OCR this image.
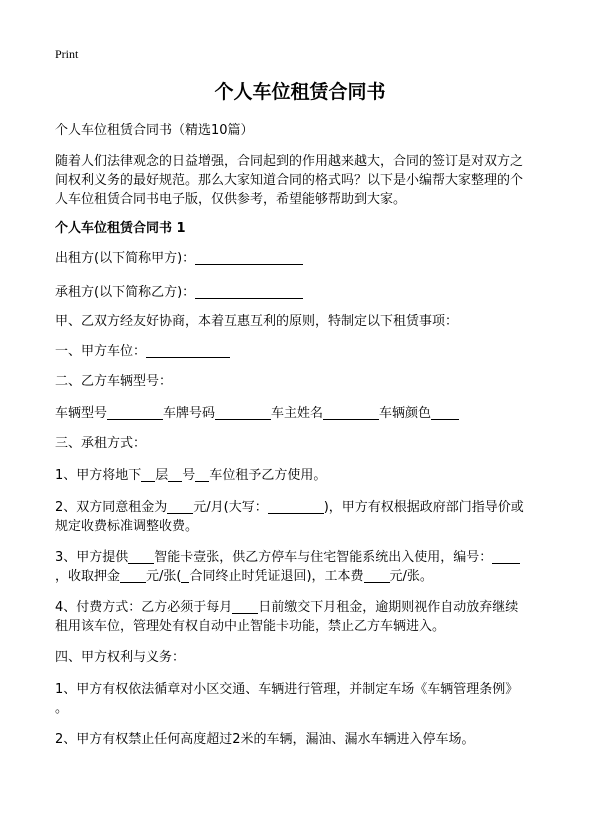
Print
个人车位租赁合同书

个人车位租赁合同书（精选10篇）

随着人们法律观念的日益增强，合同起到的作用越来越大，合同的签订是对双方之

间权利义务的最好规范。那么大家知道合同的格式吗？以下是小编帮大家整理的个

人车位租赁合同书电子版，仅供参考，希望能够帮助到大家。

个人车位租赁合同书 1

出租方(以下简称甲方)：

承租方(以下简称乙方)：

甲、乙双方经友好协商，本着互惠互利的原则，特制定以下租赁事项：

一、甲方车位：

二、乙方车辆型号：

车辆型号	车牌号码	车主姓名	车辆颜色

三、承租方式：

1、甲方将地下 层 号 车位租予乙方使用。

2、双方同意租金为 元/月(大写：	)，甲方有权根据政府部门指导价或

规定收费标准调整收费。

3、甲方提供 智能卡壹张，供乙方停车与住宅智能系统出入使用，编号：

，收取押金 元/张( 合同终止时凭证退回)，工本费 元/张。

4、付费方式：乙方必须于每月 日前缴交下月租金，逾期则视作自动放弃继续

租用该车位，管理处有权自动中止智能卡功能，禁止乙方车辆进入。

四、甲方权利与义务：

1、甲方有权依法循章对小区交通、车辆进行管理，并制定车场《车辆管理条例》

。

2、甲方有权禁止任何高度超过2米的车辆，漏油、漏水车辆进入停车场。
